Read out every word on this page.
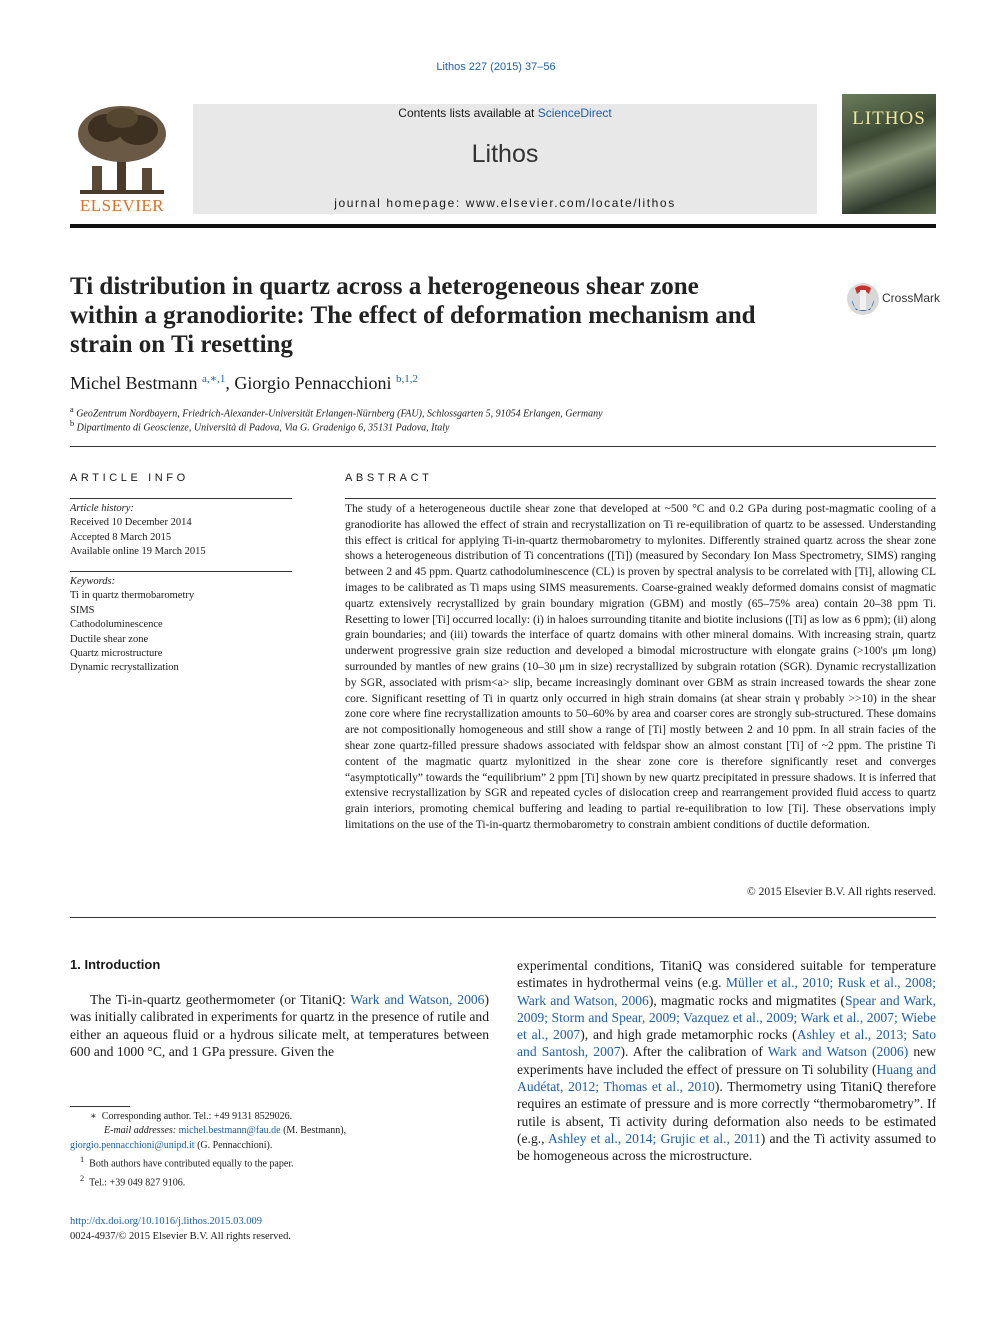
Lithos 227 (2015) 37–56
ELSEVIER
Contents lists available at ScienceDirect
Lithos
journal homepage: www.elsevier.com/locate/lithos
LITHOS
Ti distribution in quartz across a heterogeneous shear zone within a granodiorite: The effect of deformation mechanism and strain on Ti resetting
CrossMark
Michel Bestmann $^{a,∗,1}$, Giorgio Pennacchioni $^{b,1,2}$
$^a$ GeoZentrum Nordbayern, Friedrich-Alexander-Universität Erlangen-Nürnberg (FAU), Schlossgarten 5, 91054 Erlangen, Germany
$^b$ Dipartimento di Geoscienze, Università di Padova, Via G. Gradenigo 6, 35131 Padova, Italy
ARTICLE INFO
Article history:
Received 10 December 2014
Accepted 8 March 2015
Available online 19 March 2015
Keywords:
Ti in quartz thermobarometry
SIMS
Cathodoluminescence
Ductile shear zone
Quartz microstructure
Dynamic recrystallization
ABSTRACT
The study of a heterogeneous ductile shear zone that developed at ~500 °C and 0.2 GPa during post-magmatic cooling of a granodiorite has allowed the effect of strain and recrystallization on Ti re-equilibration of quartz to be assessed. Understanding this effect is critical for applying Ti-in-quartz thermobarometry to mylonites. Differently strained quartz across the shear zone shows a heterogeneous distribution of Ti concentrations ([Ti]) (measured by Secondary Ion Mass Spectrometry, SIMS) ranging between 2 and 45 ppm. Quartz cathodoluminescence (CL) is proven by spectral analysis to be correlated with [Ti], allowing CL images to be calibrated as Ti maps using SIMS measurements. Coarse-grained weakly deformed domains consist of magmatic quartz extensively recrystallized by grain boundary migration (GBM) and mostly (65–75% area) contain 20–38 ppm Ti. Resetting to lower [Ti] occurred locally: (i) in haloes surrounding titanite and biotite inclusions ([Ti] as low as 6 ppm); (ii) along grain boundaries; and (iii) towards the interface of quartz domains with other mineral domains. With increasing strain, quartz underwent progressive grain size reduction and developed a bimodal microstructure with elongate grains (>100's μm long) surrounded by mantles of new grains (10–30 μm in size) recrystallized by subgrain rotation (SGR). Dynamic recrystallization by SGR, associated with prism<a> slip, became increasingly dominant over GBM as strain increased towards the shear zone core. Significant resetting of Ti in quartz only occurred in high strain domains (at shear strain γ probably >>10) in the shear zone core where fine recrystallization amounts to 50–60% by area and coarser cores are strongly sub-structured. These domains are not compositionally homogeneous and still show a range of [Ti] mostly between 2 and 10 ppm. In all strain facies of the shear zone quartz-filled pressure shadows associated with feldspar show an almost constant [Ti] of ~2 ppm. The pristine Ti content of the magmatic quartz mylonitized in the shear zone core is therefore significantly reset and converges “asymptotically” towards the “equilibrium” 2 ppm [Ti] shown by new quartz precipitated in pressure shadows. It is inferred that extensive recrystallization by SGR and repeated cycles of dislocation creep and rearrangement provided fluid access to quartz grain interiors, promoting chemical buffering and leading to partial re-equilibration to low [Ti]. These observations imply limitations on the use of the Ti-in-quartz thermobarometry to constrain ambient conditions of ductile deformation.
© 2015 Elsevier B.V. All rights reserved.
1. Introduction

The Ti-in-quartz geothermometer (or TitaniQ: Wark and Watson, 2006) was initially calibrated in experiments for quartz in the presence of rutile and either an aqueous fluid or a hydrous silicate melt, at temperatures between 600 and 1000 °C, and 1 GPa pressure. Given the

experimental conditions, TitaniQ was considered suitable for temperature estimates in hydrothermal veins (e.g. Müller et al., 2010; Rusk et al., 2008; Wark and Watson, 2006), magmatic rocks and migmatites (Spear and Wark, 2009; Storm and Spear, 2009; Vazquez et al., 2009; Wark et al., 2007; Wiebe et al., 2007), and high grade metamorphic rocks (Ashley et al., 2013; Sato and Santosh, 2007). After the calibration of Wark and Watson (2006) new experiments have included the effect of pressure on Ti solubility (Huang and Audétat, 2012; Thomas et al., 2010). Thermometry using TitaniQ therefore requires an estimate of pressure and is more correctly “thermobarometry”. If rutile is absent, Ti activity during deformation also needs to be estimated (e.g., Ashley et al., 2014; Grujic et al., 2011) and the Ti activity assumed to be homogeneous across the microstructure.
∗ Corresponding author. Tel.: +49 9131 8529026.
E-mail addresses: michel.bestmann@fau.de (M. Bestmann),
giorgio.pennacchioni@unipd.it (G. Pennacchioni).
$^1$ Both authors have contributed equally to the paper.
$^2$ Tel.: +39 049 827 9106.
http://dx.doi.org/10.1016/j.lithos.2015.03.009
0024-4937/© 2015 Elsevier B.V. All rights reserved.
